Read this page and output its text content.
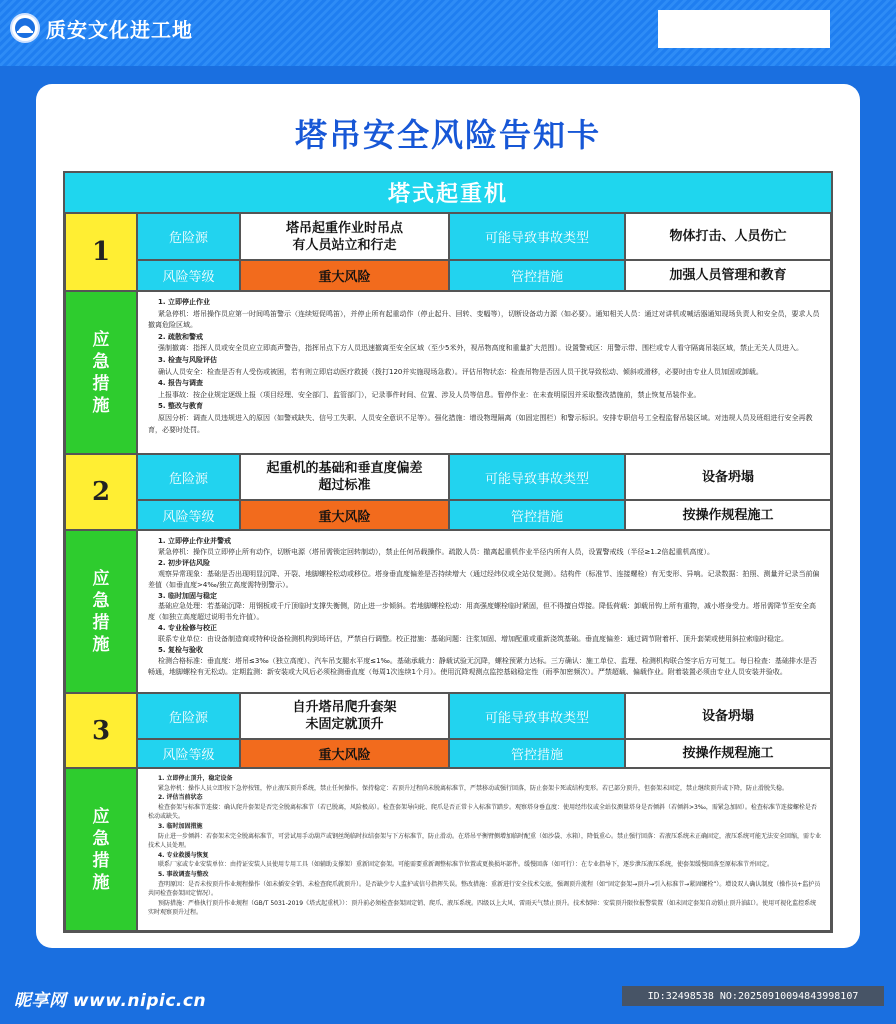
质安文化进工地
塔吊安全风险告知卡
塔式起重机
1	危险源
塔吊起重作业时吊点
有人员站立和行走	可能导致事故类型	物体打击、人员伤亡
风险等级	重大风险	管控措施	加强人员管理和教育
应
急
措
施
1. 立即停止作业
紧急停机：塔吊操作员应第一时间鸣笛警示（连续短促鸣笛），并停止所有起重动作（停止起升、回转、变幅等），切断设备动力源（如必要）。通知相关人员：通过对讲机或喊话器通知现场负责人和安全员，要求人员撤离危险区域。
2. 疏散和警戒
强制撤离：指挥人员或安全员应立即高声警告，指挥吊点下方人员迅速撤离至安全区域（至少5米外，视吊物高度和重量扩大范围）。设置警戒区：用警示带、围栏或专人看守隔离吊装区域，禁止无关人员进入。
3. 检查与风险评估
确认人员安全：检查是否有人受伤或被困，若有则立即启动医疗救援（拨打120并实施现场急救）。评估吊物状态：检查吊物是否因人员干扰导致松动、倾斜或滑移，必要时由专业人员加固或卸载。
4. 报告与调查
上报事故：按企业规定逐级上报（项目经理、安全部门、监管部门），记录事件时间、位置、涉及人员等信息。暂停作业：在未查明原因并采取整改措施前，禁止恢复吊装作业。
5. 整改与教育
原因分析：调查人员违规进入的原因（如警戒缺失、信号工失职、人员安全意识不足等）。强化措施：增设物理隔离（如固定围栏）和警示标识。安排专职信号工全程监督吊装区域。对违规人员及班组进行安全再教育，必要时处罚。
2	危险源
起重机的基础和垂直度偏差
超过标准	可能导致事故类型	设备坍塌
风险等级	重大风险	管控措施	按操作规程施工
应
急
措
施
1. 立即停止作业并警戒
紧急停机：操作员立即停止所有动作，切断电源（塔吊需锁定回转制动），禁止任何吊载操作。疏散人员：撤离起重机作业半径内所有人员，设置警戒线（半径≥1.2倍起重机高度）。
2. 初步评估风险
观察异常现象：基础是否出现明显沉降、开裂、地脚螺栓松动或移位。塔身垂直度偏差是否持续增大（通过经纬仪或全站仪复测）。结构件（标准节、连接螺栓）有无变形、异响。记录数据：拍照、测量并记录当前偏差值（如垂直度>4‰/独立高度需特别警示）。
3. 临时加固与稳定
基础应急处理：若基础沉降：用钢板或千斤顶临时支撑失衡侧，防止进一步倾斜。若地脚螺栓松动：用高强度螺栓临时紧固，但不得擅自焊接。降低荷载：卸载吊钩上所有重物，减小塔身受力。塔吊需降节至安全高度（如独立高度超过说明书允许值）。
4. 专业检修与校正
联系专业单位：由设备制造商或特种设备检测机构到场评估，严禁自行调整。校正措施：基础问题：注浆加固、增加配重或重新浇筑基础。垂直度偏差：通过调节附着杆、顶升套架或使用斜拉索临时稳定。
5. 复检与验收
检测合格标准：垂直度：塔吊≤3‰（独立高度）、汽车吊支腿水平度≤1‰。基础承载力：静载试验无沉降，螺栓预紧力达标。三方确认：施工单位、监理、检测机构联合签字后方可复工。每日检查：基础排水是否畅通，地脚螺栓有无松动。定期监测：新安装或大风后必须检测垂直度（每周1次连续1个月）。使用沉降观测点监控基础稳定性（雨季加密频次）。严禁超载、偏载作业。附着装置必须由专业人员安装并验收。
3	危险源
自升塔吊爬升套架
未固定就顶升	可能导致事故类型	设备坍塌
风险等级	重大风险	管控措施	按操作规程施工
应
急
措
施
1. 立即停止顶升，稳定设备
紧急停机：操作人员立即按下急停按钮，停止液压顶升系统，禁止任何操作。保持稳定：若顶升过程尚未脱离标准节，严禁移动或强行回落，防止套架卡死或结构变形。若已部分顶升，但套架未固定，禁止继续顶升或下降，防止滑脱失稳。
2. 评估当前状态
检查套架与标准节连接：确认爬升套架是否完全脱离标准节（若已脱离，风险极高）。检查套架导向轮、爬爪是否正常卡入标准节踏步。观察塔身垂直度：使用经纬仪或全站仪测量塔身是否倾斜（若倾斜>3‰，需紧急加固）。检查标准节连接螺栓是否松动或缺失。
3. 临时加固措施
防止进一步倾斜：若套架未完全脱离标准节，可尝试用手动葫芦或钢丝绳临时拉结套架与下方标准节，防止滑动。在塔吊平衡臂侧增加临时配重（如沙袋、水箱），降低重心。禁止强行回落：若液压系统未正确固定，液压系统可能无法安全回缩，需专业技术人员处理。
4. 专业救援与恢复
联系厂家或专业安装单位：由持证安装人员使用专用工具（如辅助支撑架）重新固定套架。可能需要重新调整标准节位置或更换损坏部件。缓慢回落（如可行）：在专业指导下，逐步泄压液压系统，使套架缓慢回落至原标准节并固定。
5. 事故调查与整改
查明原因：是否未按顶升作业规程操作（如未插安全销、未检查爬爪就顶升）。是否缺少专人监护或信号指挥失误。整改措施：重新进行安全技术交底，强调顶升流程（如“固定套架→顶升→引入标准节→紧固螺栓”）。增设双人确认制度（操作员+监护员共同检查套架固定情况）。
预防措施：严格执行顶升作业规程（GB/T 5031-2019《塔式起重机》）：顶升前必须检查套架固定销、爬爪、液压系统。四级以上大风、雷雨天气禁止顶升。技术保障：安装顶升限位报警装置（如未固定套架自动锁止顶升油缸）。使用可视化监控系统实时观察顶升过程。
昵享网 www.nipic.cn	ID:32498538 NO:20250910094843998107
